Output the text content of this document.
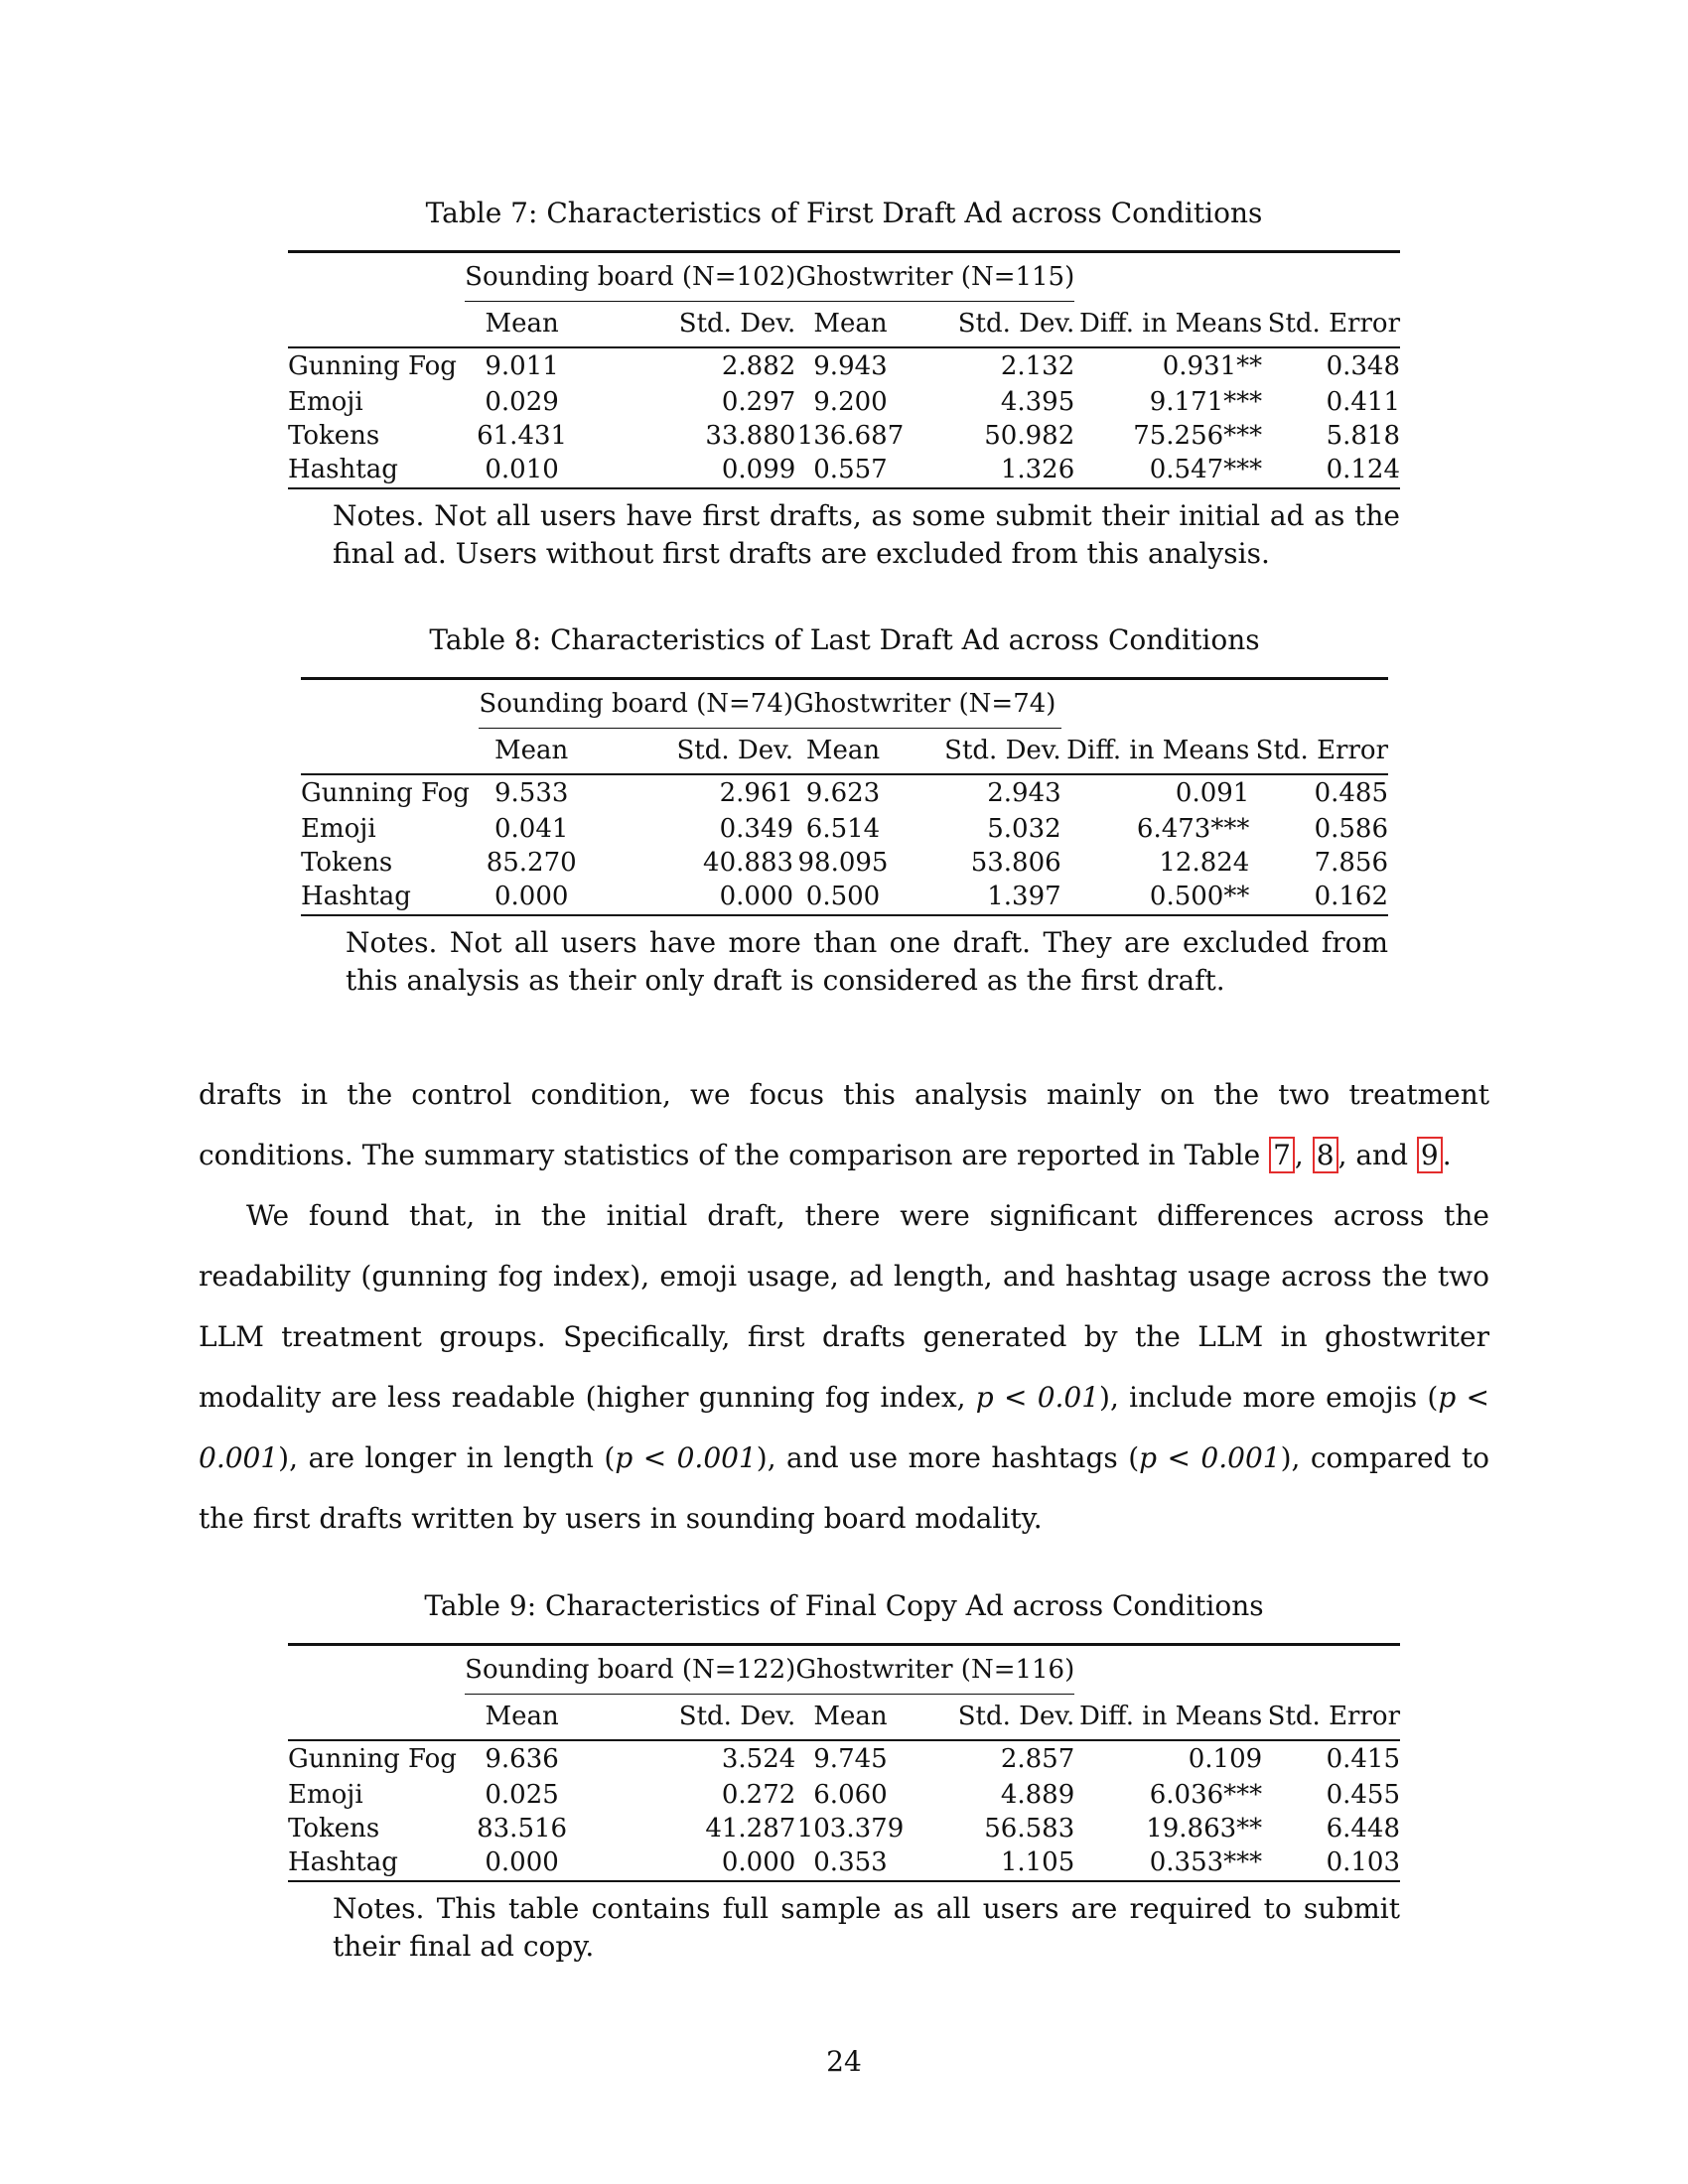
Table 7: Characteristics of First Draft Ad across Conditions
	Sounding board (N=102)		Ghostwriter (N=115)			
	Mean	Std. Dev.	Mean	Std. Dev.	Diff. in Means	Std. Error
Gunning Fog	9.011	2.882	9.943	2.132	0.931**	0.348
Emoji	0.029	0.297	9.200	4.395	9.171***	0.411
Tokens	61.431	33.880	136.687	50.982	75.256***	5.818
Hashtag	0.010	0.099	0.557	1.326	0.547***	0.124
Notes. Not all users have first drafts, as some submit their initial ad as the final ad. Users without first drafts are excluded from this analysis.
Table 8: Characteristics of Last Draft Ad across Conditions
	Sounding board (N=74)		Ghostwriter (N=74)			
	Mean	Std. Dev.	Mean	Std. Dev.	Diff. in Means	Std. Error
Gunning Fog	9.533	2.961	9.623	2.943	0.091	0.485
Emoji	0.041	0.349	6.514	5.032	6.473***	0.586
Tokens	85.270	40.883	98.095	53.806	12.824	7.856
Hashtag	0.000	0.000	0.500	1.397	0.500**	0.162
Notes. Not all users have more than one draft. They are excluded from this analysis as their only draft is considered as the first draft.

drafts in the control condition, we focus this analysis mainly on the two treatment conditions. The summary statistics of the comparison are reported in Table 7 , 8 , and 9 .

We found that, in the initial draft, there were significant differences across the readability (gunning fog index), emoji usage, ad length, and hashtag usage across the two LLM treatment groups. Specifically, first drafts generated by the LLM in ghostwriter modality are less readable (higher gunning fog index, p < 0.01), include more emojis (p < 0.001), are longer in length (p < 0.001), and use more hashtags (p < 0.001), compared to the first drafts written by users in sounding board modality.

Table 9: Characteristics of Final Copy Ad across Conditions
	Sounding board (N=122)		Ghostwriter (N=116)			
	Mean	Std. Dev.	Mean	Std. Dev.	Diff. in Means	Std. Error
Gunning Fog	9.636	3.524	9.745	2.857	0.109	0.415
Emoji	0.025	0.272	6.060	4.889	6.036***	0.455
Tokens	83.516	41.287	103.379	56.583	19.863**	6.448
Hashtag	0.000	0.000	0.353	1.105	0.353***	0.103
Notes. This table contains full sample as all users are required to submit their final ad copy.
24
